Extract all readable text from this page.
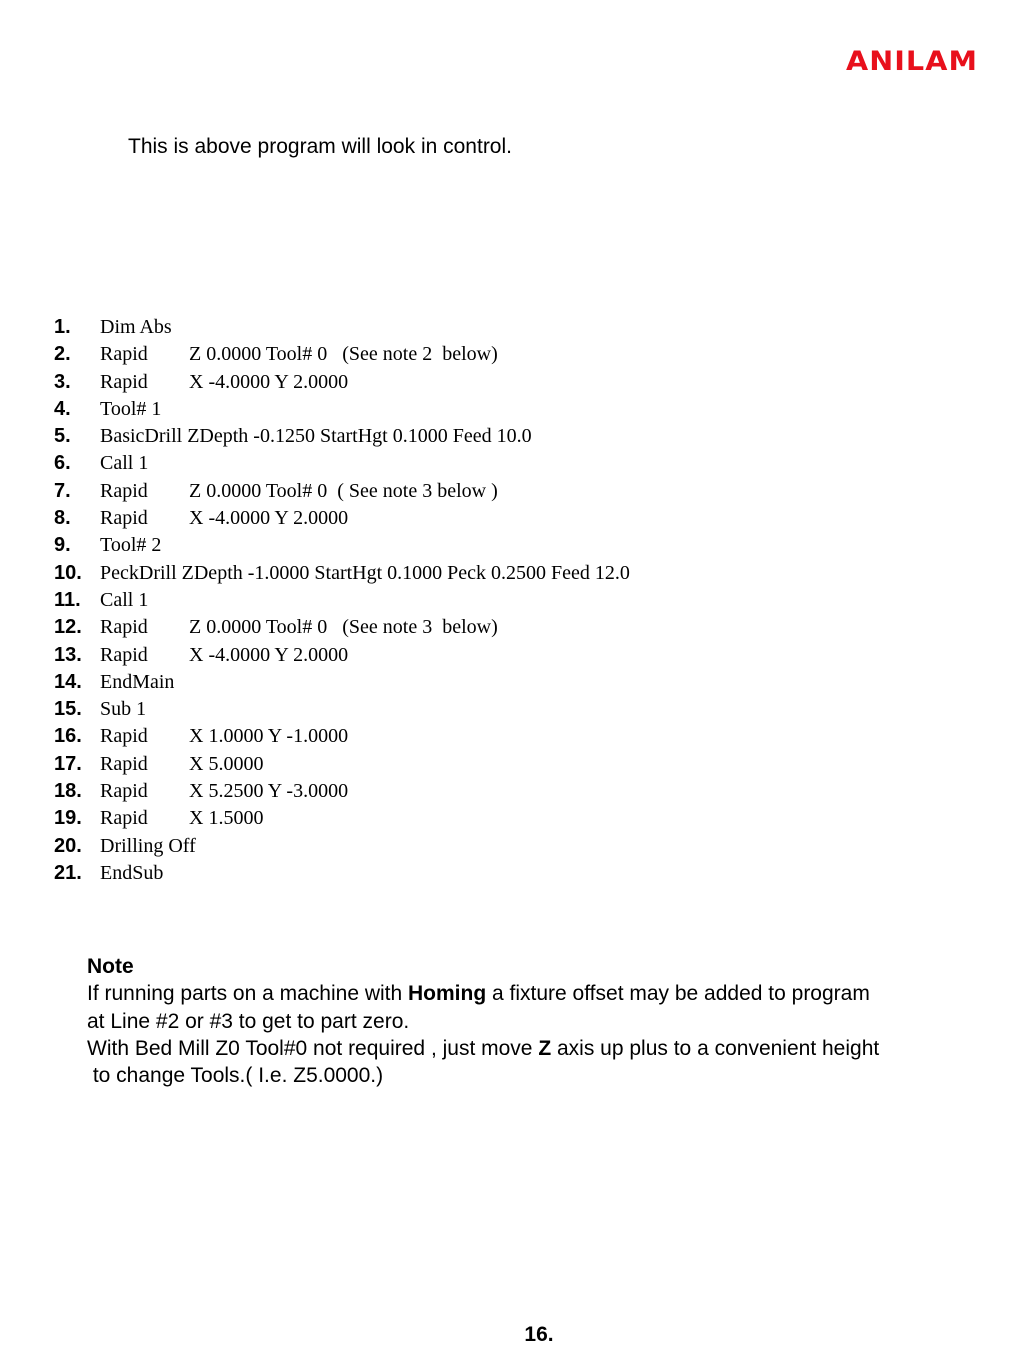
ANILAM
This is above program will look in control.
1. Dim Abs
2. Rapid Z 0.0000 Tool# 0   (See note 2  below)
3. Rapid X -4.0000 Y 2.0000
4. Tool# 1
5. BasicDrill ZDepth -0.1250 StartHgt 0.1000 Feed 10.0
6. Call 1
7. Rapid Z 0.0000 Tool# 0  ( See note 3 below )
8. Rapid X -4.0000 Y 2.0000
9. Tool# 2
10. PeckDrill ZDepth -1.0000 StartHgt 0.1000 Peck 0.2500 Feed 12.0
11. Call 1
12. Rapid Z 0.0000 Tool# 0   (See note 3  below)
13. Rapid X -4.0000 Y 2.0000
14. EndMain
15. Sub 1
16. Rapid X 1.0000 Y -1.0000
17. Rapid X 5.0000
18. Rapid X 5.2500 Y -3.0000
19. Rapid X 1.5000
20. Drilling Off
21. EndSub
Note
If running parts on a machine with Homing a fixture offset may be added to program
at Line #2 or #3 to get to part zero.
With Bed Mill Z0 Tool#0 not required , just move Z axis up plus to a convenient height
to change Tools.( I.e. Z5.0000.)
16.
